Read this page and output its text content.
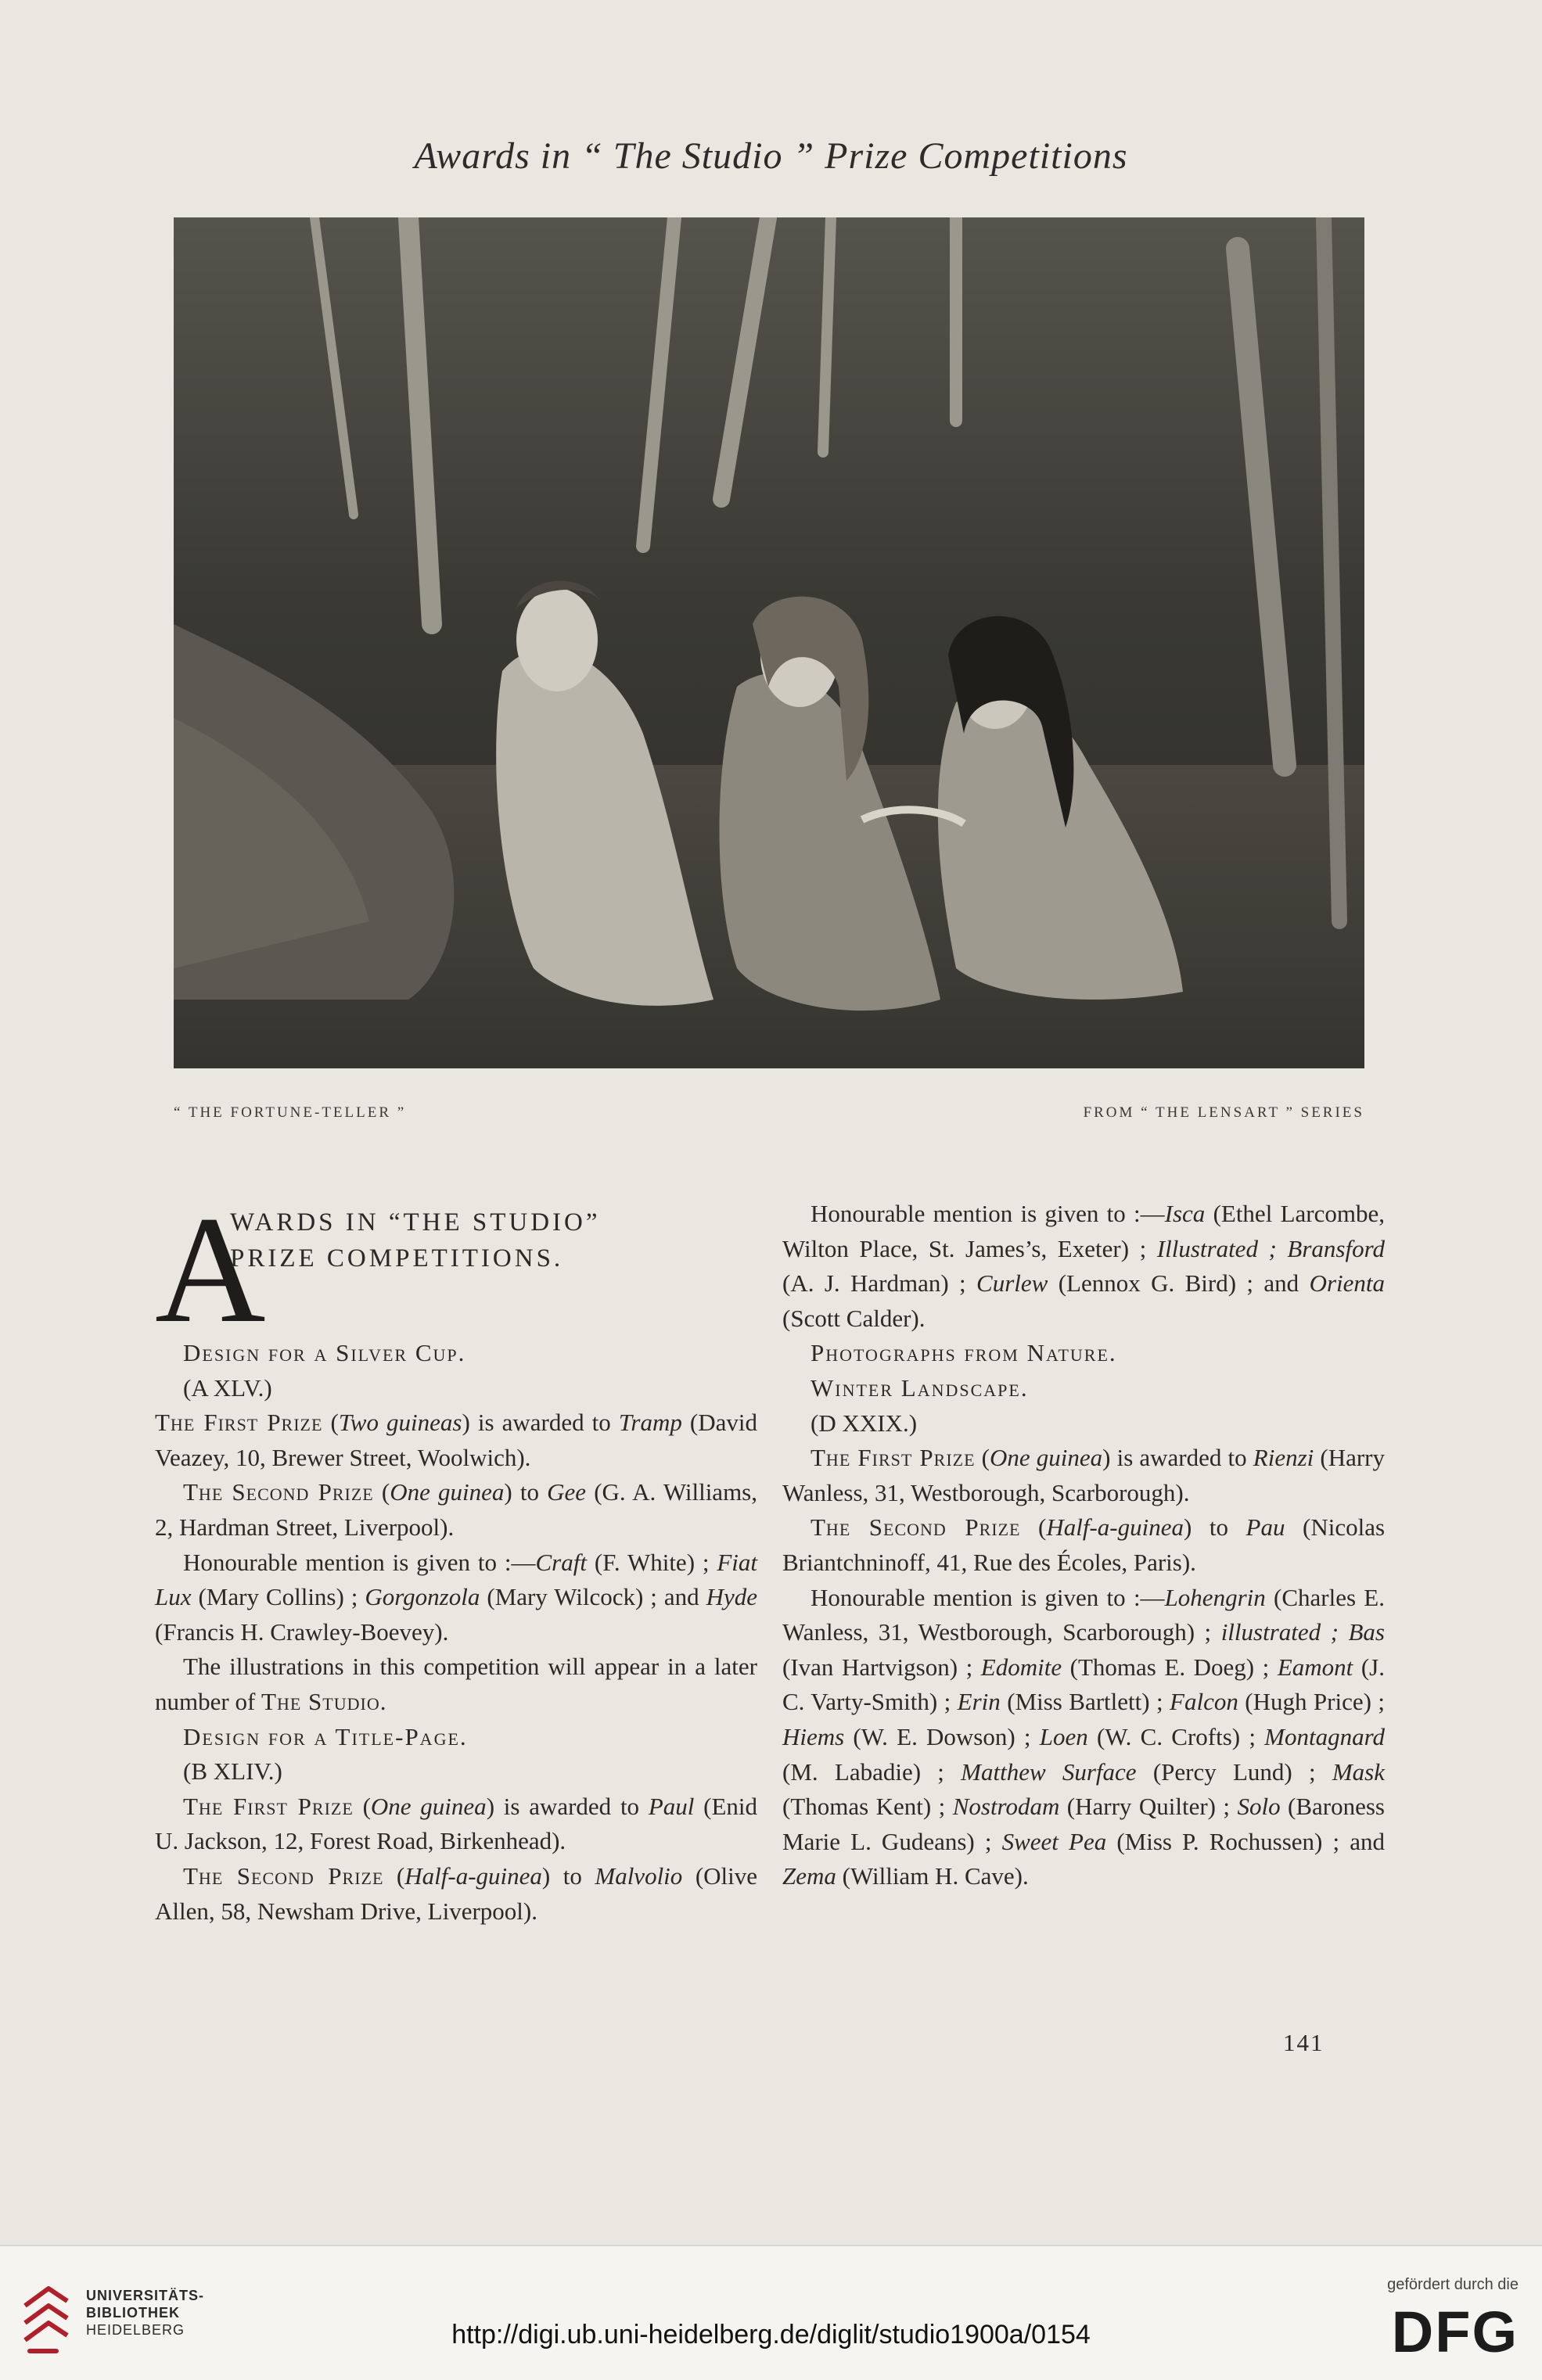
Awards in “ The Studio ” Prize Competitions
“ THE FORTUNE-TELLER ”	FROM “ THE LENSART ” SERIES
A
WARDS IN “THE STUDIO”
PRIZE COMPETITIONS.

Design for a Silver Cup.

(A XLV.)

The First Prize (Two guineas) is awarded to Tramp (David Veazey, 10, Brewer Street, Woolwich).

The Second Prize (One guinea) to Gee (G. A. Williams, 2, Hardman Street, Liverpool).

Honourable mention is given to :—Craft (F. White) ; Fiat Lux (Mary Collins) ; Gorgonzola (Mary Wilcock) ; and Hyde (Francis H. Crawley-Boevey).

The illustrations in this competition will appear in a later number of The Studio.

Design for a Title-Page.

(B XLIV.)

The First Prize (One guinea) is awarded to Paul (Enid U. Jackson, 12, Forest Road, Birkenhead).

The Second Prize (Half-a-guinea) to Malvolio (Olive Allen, 58, Newsham Drive, Liverpool).

Honourable mention is given to :—Isca (Ethel Larcombe, Wilton Place, St. James’s, Exeter) ; Illustrated ; Bransford (A. J. Hardman) ; Curlew (Lennox G. Bird) ; and Orienta (Scott Calder).

Photographs from Nature.

Winter Landscape.

(D XXIX.)

The First Prize (One guinea) is awarded to Rienzi (Harry Wanless, 31, Westborough, Scarborough).

The Second Prize (Half-a-guinea) to Pau (Nicolas Briantchninoff, 41, Rue des Écoles, Paris).

Honourable mention is given to :—Lohengrin (Charles E. Wanless, 31, Westborough, Scarborough) ; illustrated ; Bas (Ivan Hartvigson) ; Edomite (Thomas E. Doeg) ; Eamont (J. C. Varty-Smith) ; Erin (Miss Bartlett) ; Falcon (Hugh Price) ; Hiems (W. E. Dowson) ; Loen (W. C. Crofts) ; Montagnard (M. Labadie) ; Matthew Surface (Percy Lund) ; Mask (Thomas Kent) ; Nostrodam (Harry Quilter) ; Solo (Baroness Marie L. Gudeans) ; Sweet Pea (Miss P. Rochussen) ; and Zema (William H. Cave).

141
UNIVERSITÄTS-
BIBLIOTHEK
HEIDELBERG	http://digi.ub.uni-heidelberg.de/diglit/studio1900a/0154
gefördert durch die
DFG
